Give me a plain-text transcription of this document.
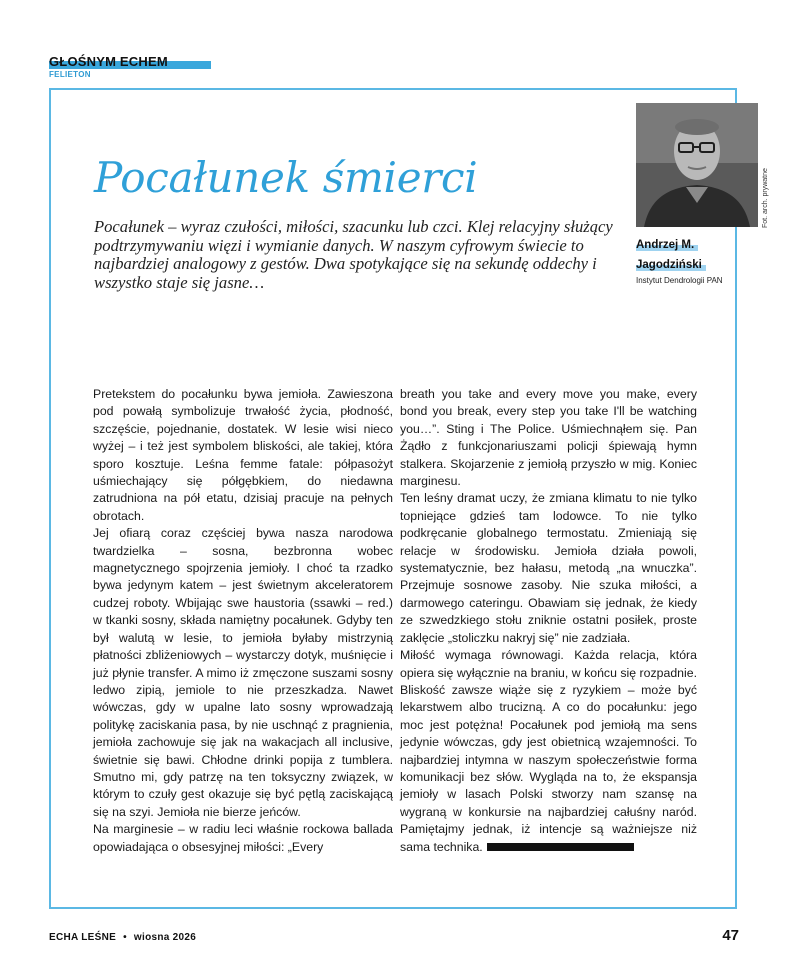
GŁOŚNYM ECHEM
FELIETON
Fot. arch. prywatne
Andrzej M.
Jagodziński
Instytut Dendrologii PAN
Pocałunek śmierci
Pocałunek – wyraz czułości, miłości, szacunku lub czci. Klej relacyjny służący podtrzymywaniu więzi i wymianie danych. W naszym cyfrowym świecie to najbardziej analogowy z gestów. Dwa spotykające się na sekundę oddechy i wszystko staje się jasne…

Pretekstem do pocałunku bywa jemioła. Zawieszona pod powałą symbolizuje trwałość życia, płodność, szczęście, pojednanie, dostatek. W lesie wisi nieco wyżej – i też jest symbolem bliskości, ale takiej, która sporo kosztuje. Leśna femme fatale: półpasożyt uśmiechający się półgębkiem, do niedawna zatrudniona na pół etatu, dzisiaj pracuje na pełnych obrotach.

Jej ofiarą coraz częściej bywa nasza narodowa twardzielka – sosna, bezbronna wobec magnetycznego spojrzenia jemioły. I choć ta rzadko bywa jedynym katem – jest świetnym akceleratorem cudzej roboty. Wbijając swe haustoria (ssawki – red.) w tkanki sosny, składa namiętny pocałunek. Gdyby ten był walutą w lesie, to jemioła byłaby mistrzynią płatności zbliżeniowych – wystarczy dotyk, muśnięcie i już płynie transfer. A mimo iż zmęczone suszami sosny ledwo zipią, jemiole to nie przeszkadza. Nawet wówczas, gdy w upalne lato sosny wprowadzają politykę zaciskania pasa, by nie uschnąć z pragnienia, jemioła zachowuje się jak na wakacjach all inclusive, świetnie się bawi. Chłodne drinki popija z tumblera. Smutno mi, gdy patrzę na ten toksyczny związek, w którym to czuły gest okazuje się być pętlą zaciskającą się na szyi. Jemioła nie bierze jeńców.

Na marginesie – w radiu leci właśnie rockowa ballada opowiadająca o obsesyjnej miłości: „Every

breath you take and every move you make, every bond you break, every step you take I'll be watching you…”. Sting i The Police. Uśmiechnąłem się. Pan Żądło z funkcjonariuszami policji śpiewają hymn stalkera. Skojarzenie z jemiołą przyszło w mig. Koniec marginesu.

Ten leśny dramat uczy, że zmiana klimatu to nie tylko topniejące gdzieś tam lodowce. To nie tylko podkręcanie globalnego termostatu. Zmieniają się relacje w środowisku. Jemioła działa powoli, systematycznie, bez hałasu, metodą „na wnuczka”. Przejmuje sosnowe zasoby. Nie szuka miłości, a darmowego cateringu. Obawiam się jednak, że kiedy ze szwedzkiego stołu zniknie ostatni posiłek, proste zaklęcie „stoliczku nakryj się” nie zadziała.

Miłość wymaga równowagi. Każda relacja, która opiera się wyłącznie na braniu, w końcu się rozpadnie. Bliskość zawsze wiąże się z ryzykiem – może być lekarstwem albo trucizną. A co do pocałunku: jego moc jest potężna! Pocałunek pod jemiołą ma sens jedynie wówczas, gdy jest obietnicą wzajemności. To najbardziej intymna w naszym społeczeństwie forma komunikacji bez słów. Wygląda na to, że ekspansja jemioły w lasach Polski stworzy nam szansę na wygraną w konkursie na najbardziej całuśny naród. Pamiętajmy jednak, iż intencje są ważniejsze niż sama technika.

ECHA LEŚNE • wiosna 2026	47
